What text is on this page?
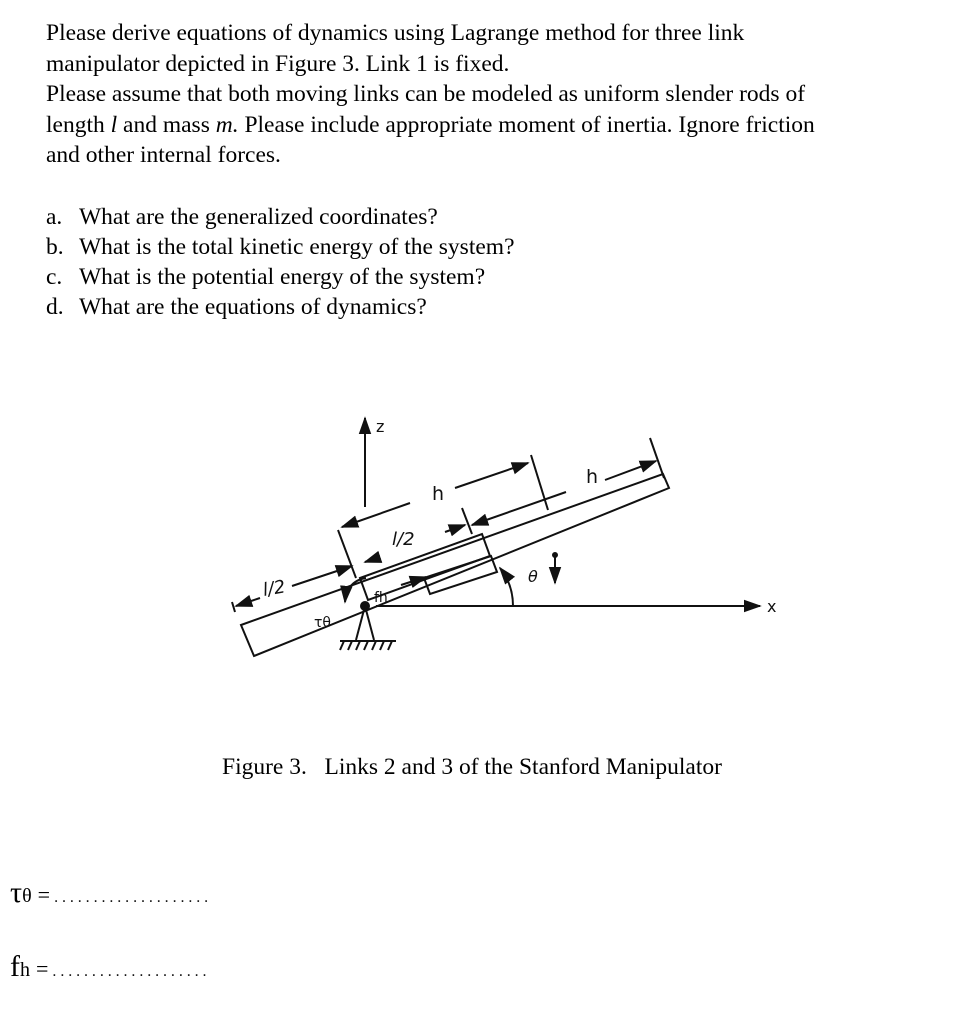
Please derive equations of dynamics using Lagrange method for three link

manipulator depicted in Figure 3. Link 1 is fixed.

Please assume that both moving links can be modeled as uniform slender rods of

length l and mass m. Please include appropriate moment of inertia. Ignore friction

and other internal forces.

a. What are the generalized coordinates?
b. What is the total kinetic energy of the system?
c. What is the potential energy of the system?
d. What are the equations of dynamics?
z
x
h
h
l/2
l/2	θ
τθ
fh
Figure 3.   Links 2 and 3 of the Stanford Manipulator
τ θ = ....................
f h = ....................
